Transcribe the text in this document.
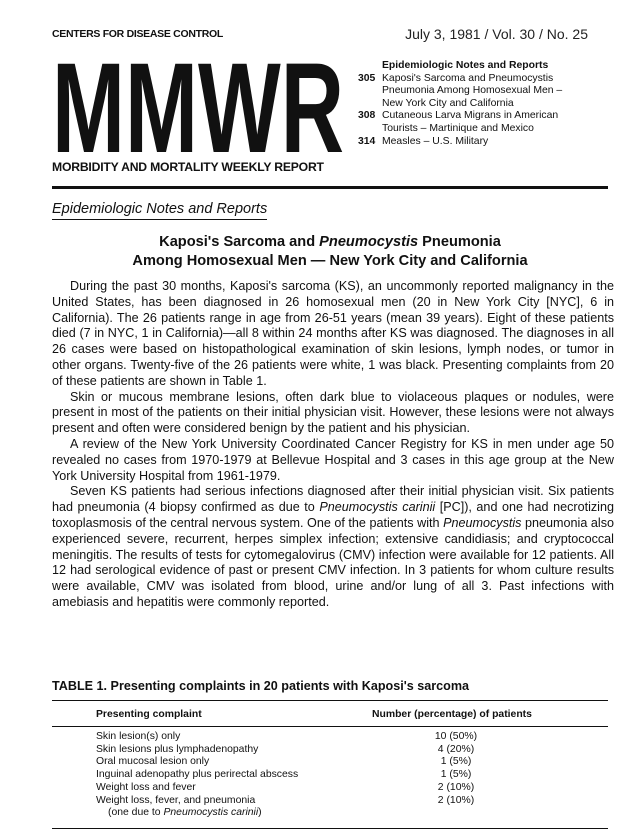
CENTERS FOR DISEASE CONTROL	July 3, 1981 / Vol. 30 / No. 25
MMWR	Epidemiologic Notes and Reports
305 Kaposi's Sarcoma and Pneumocystis
Pneumonia Among Homosexual Men –
New York City and California
308 Cutaneous Larva Migrans in American
Tourists – Martinique and Mexico
314 Measles – U.S. Military
MORBIDITY AND MORTALITY WEEKLY REPORT
Epidemiologic Notes and Reports
Kaposi's Sarcoma and Pneumocystis Pneumonia
Among Homosexual Men — New York City and California

During the past 30 months, Kaposi's sarcoma (KS), an uncommonly reported malignancy in the United States, has been diagnosed in 26 homosexual men (20 in New York City [NYC], 6 in California). The 26 patients range in age from 26-51 years (mean 39 years). Eight of these patients died (7 in NYC, 1 in California)—all 8 within 24 months after KS was diagnosed. The diagnoses in all 26 cases were based on histopathological examination of skin lesions, lymph nodes, or tumor in other organs. Twenty-five of the 26 patients were white, 1 was black. Presenting complaints from 20 of these patients are shown in Table 1.

Skin or mucous membrane lesions, often dark blue to violaceous plaques or nodules, were present in most of the patients on their initial physician visit. However, these lesions were not always present and often were considered benign by the patient and his physician.

A review of the New York University Coordinated Cancer Registry for KS in men under age 50 revealed no cases from 1970-1979 at Bellevue Hospital and 3 cases in this age group at the New York University Hospital from 1961-1979.

Seven KS patients had serious infections diagnosed after their initial physician visit. Six patients had pneumonia (4 biopsy confirmed as due to Pneumocystis carinii [PC]), and one had necrotizing toxoplasmosis of the central nervous system. One of the patients with Pneumocystis pneumonia also experienced severe, recurrent, herpes simplex infection; extensive candidiasis; and cryptococcal meningitis. The results of tests for cytomegalovirus (CMV) infection were available for 12 patients. All 12 had serological evidence of past or present CMV infection. In 3 patients for whom culture results were available, CMV was isolated from blood, urine and/or lung of all 3. Past infections with amebiasis and hepatitis were commonly reported.

TABLE 1. Presenting complaints in 20 patients with Kaposi's sarcoma
Presenting complaint	Number (percentage) of patients
Skin lesion(s) only	10 (50%)
Skin lesions plus lymphadenopathy	4 (20%)
Oral mucosal lesion only	1 (5%)
Inguinal adenopathy plus perirectal abscess	1 (5%)
Weight loss and fever	2 (10%)
Weight loss, fever, and pneumonia	2 (10%)
(one due to Pneumocystis carinii)
